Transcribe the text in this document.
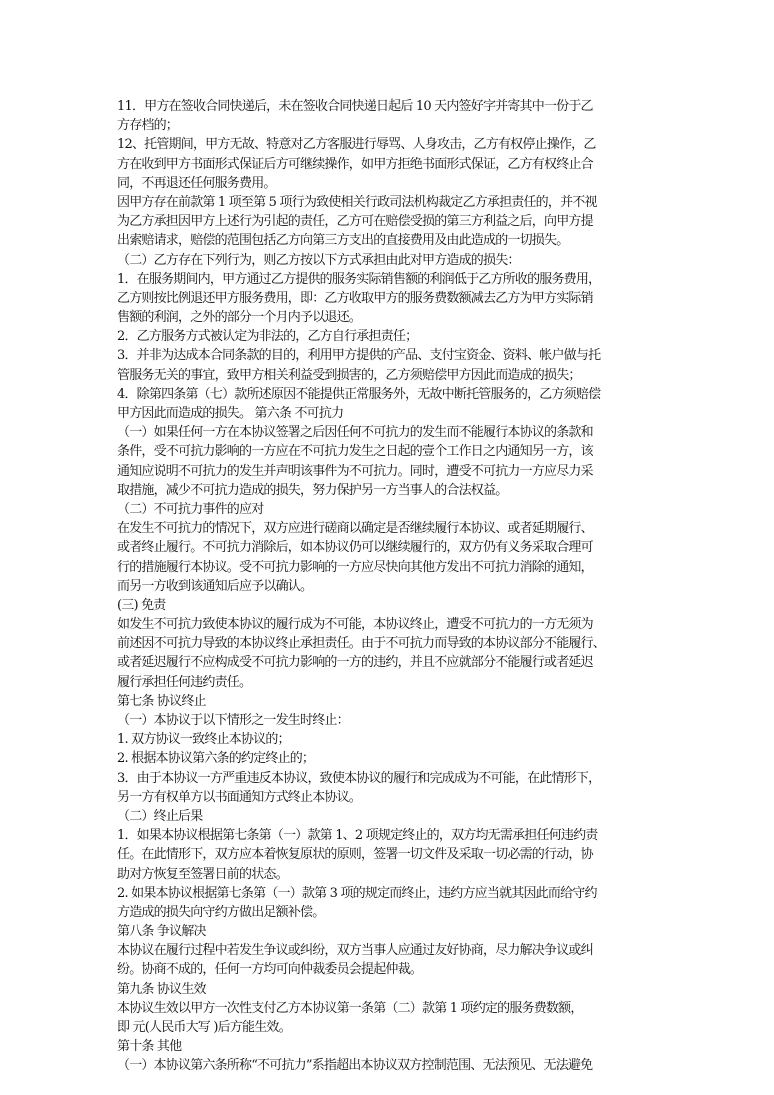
11．甲方在签收合同快递后，未在签收合同快递日起后 10 天内签好字并寄其中一份于乙
方存档的；
12、托管期间，甲方无故、特意对乙方客服进行辱骂、人身攻击，乙方有权停止操作，乙
方在收到甲方书面形式保证后方可继续操作，如甲方拒绝书面形式保证，乙方有权终止合
同，不再退还任何服务费用。
因甲方存在前款第 1 项至第 5 项行为致使相关行政司法机构裁定乙方承担责任的，并不视
为乙方承担因甲方上述行为引起的责任，乙方可在赔偿受损的第三方利益之后，向甲方提
出索赔请求，赔偿的范围包括乙方向第三方支出的直接费用及由此造成的一切损失。
（二）乙方存在下列行为，则乙方按以下方式承担由此对甲方造成的损失：
1．在服务期间内，甲方通过乙方提供的服务实际销售额的利润低于乙方所收的服务费用，
乙方则按比例退还甲方服务费用，即：乙方收取甲方的服务费数额减去乙方为甲方实际销
售额的利润，之外的部分一个月内予以退还。
2．乙方服务方式被认定为非法的，乙方自行承担责任；
3．并非为达成本合同条款的目的，利用甲方提供的产品、支付宝资金、资料、帐户做与托
管服务无关的事宜，致甲方相关利益受到损害的，乙方须赔偿甲方因此而造成的损失；
4．除第四条第（七）款所述原因不能提供正常服务外，无故中断托管服务的，乙方须赔偿
甲方因此而造成的损失。 第六条 不可抗力
（一）如果任何一方在本协议签署之后因任何不可抗力的发生而不能履行本协议的条款和
条件，受不可抗力影响的一方应在不可抗力发生之日起的壹个工作日之内通知另一方，该
通知应说明不可抗力的发生并声明该事件为不可抗力。同时，遭受不可抗力一方应尽力采
取措施，减少不可抗力造成的损失，努力保护另一方当事人的合法权益。
（二）不可抗力事件的应对
在发生不可抗力的情况下，双方应进行磋商以确定是否继续履行本协议、或者延期履行、
或者终止履行。不可抗力消除后，如本协议仍可以继续履行的，双方仍有义务采取合理可
行的措施履行本协议。受不可抗力影响的一方应尽快向其他方发出不可抗力消除的通知，
而另一方收到该通知后应予以确认。
(三) 免责
如发生不可抗力致使本协议的履行成为不可能，本协议终止，遭受不可抗力的一方无须为
前述因不可抗力导致的本协议终止承担责任。由于不可抗力而导致的本协议部分不能履行、
或者延迟履行不应构成受不可抗力影响的一方的违约，并且不应就部分不能履行或者延迟
履行承担任何违约责任。
第七条 协议终止
（一）本协议于以下情形之一发生时终止：
1. 双方协议一致终止本协议的；
2. 根据本协议第六条的约定终止的；
3．由于本协议一方严重违反本协议，致使本协议的履行和完成成为不可能，在此情形下，
另一方有权单方以书面通知方式终止本协议。
（二）终止后果
1．如果本协议根据第七条第（一）款第 1、2 项规定终止的，双方均无需承担任何违约责
任。在此情形下，双方应本着恢复原状的原则，签署一切文件及采取一切必需的行动，协
助对方恢复至签署日前的状态。
2. 如果本协议根据第七条第（一）款第 3 项的规定而终止，违约方应当就其因此而给守约
方造成的损失向守约方做出足额补偿。
第八条 争议解决
本协议在履行过程中若发生争议或纠纷，双方当事人应通过友好协商，尽力解决争议或纠
纷。协商不成的，任何一方均可向仲裁委员会提起仲裁。
第九条 协议生效
本协议生效以甲方一次性支付乙方本协议第一条第（二）款第 1 项约定的服务费数额，
即 元(人民币大写 )后方能生效。
第十条 其他
（一）本协议第六条所称“不可抗力”系指超出本协议双方控制范围、无法预见、无法避免
